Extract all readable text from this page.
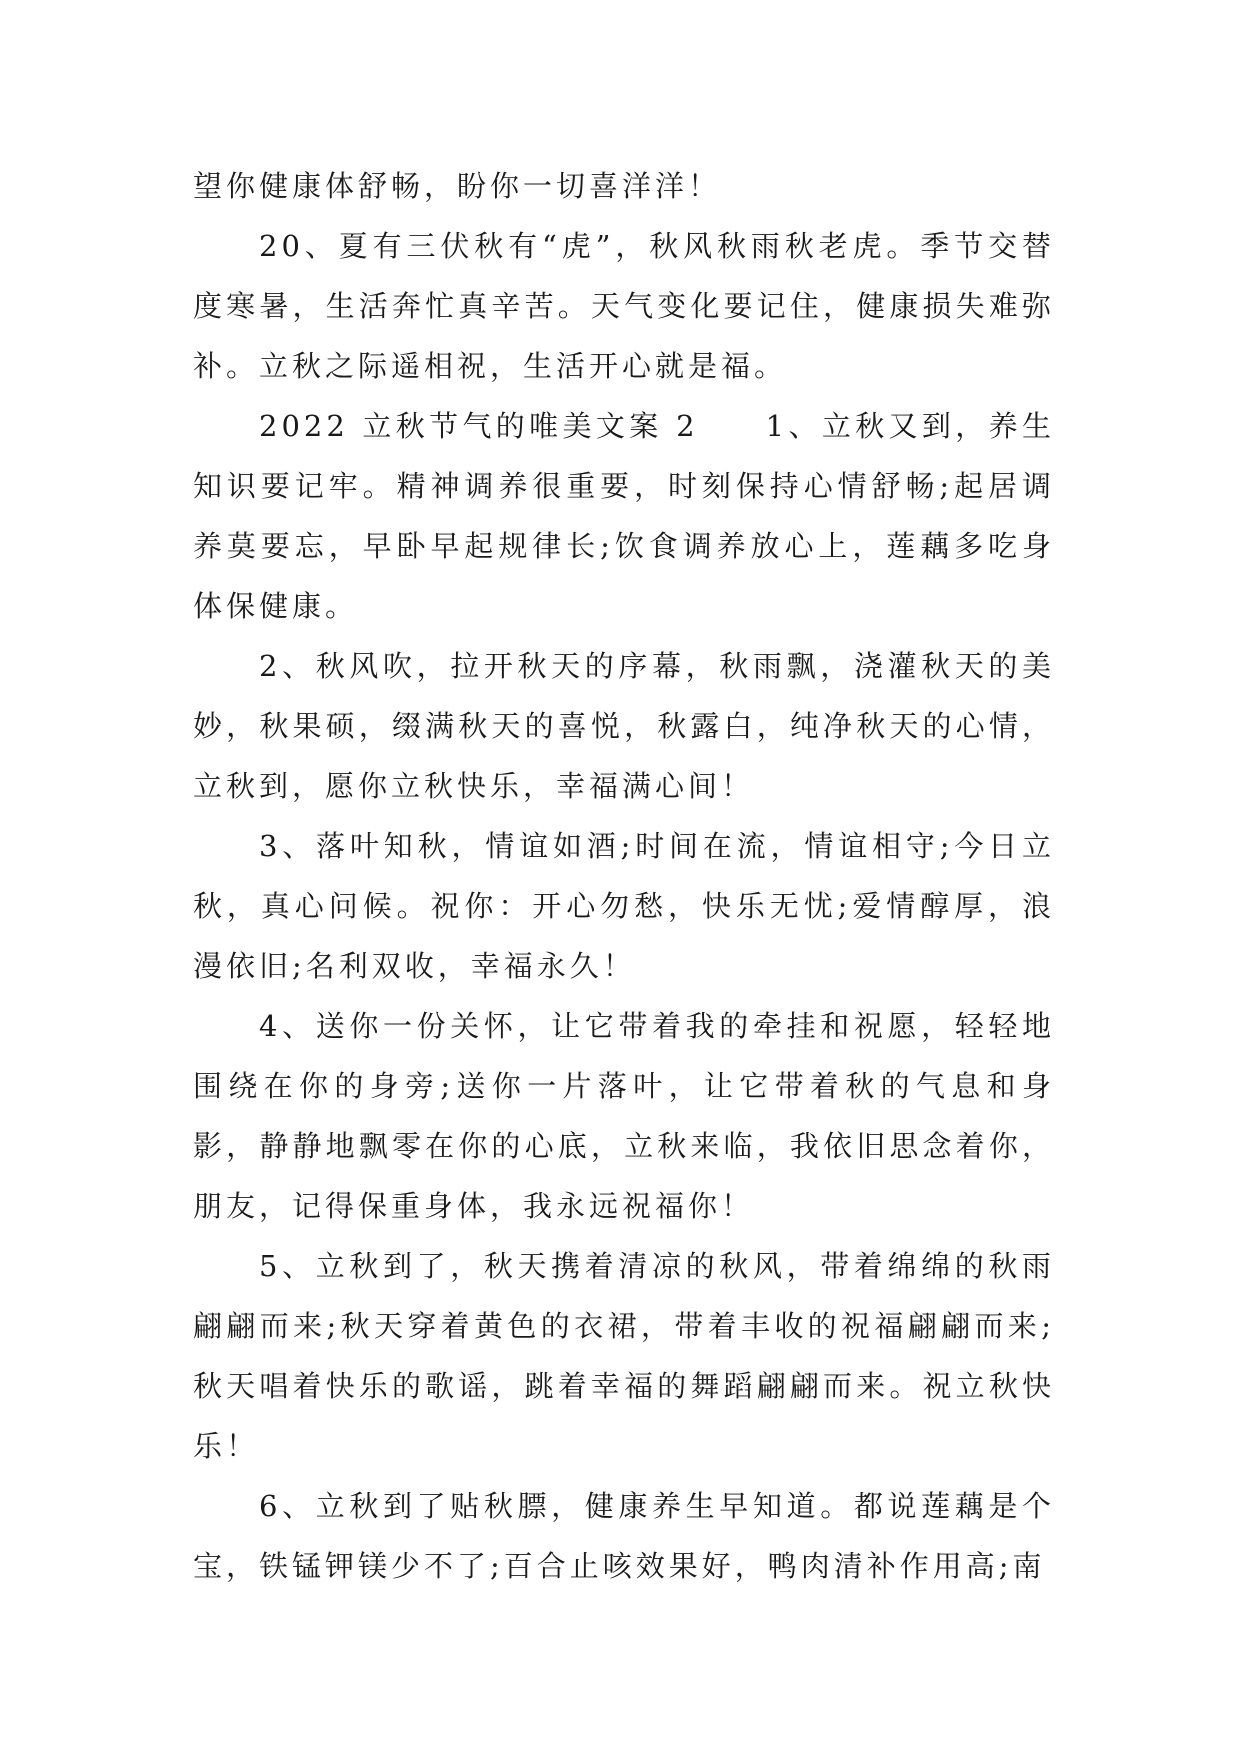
望你健康体舒畅，盼你一切喜洋洋！

20、夏有三伏秋有“虎”，秋风秋雨秋老虎。季节交替度寒暑，生活奔忙真辛苦。天气变化要记住，健康损失难弥补。立秋之际遥相祝，生活开心就是福。

2022 立秋节气的唯美文案 2　　1、立秋又到，养生知识要记牢。精神调养很重要，时刻保持心情舒畅;起居调养莫要忘，早卧早起规律长;饮食调养放心上，莲藕多吃身体保健康。

2、秋风吹，拉开秋天的序幕，秋雨飘，浇灌秋天的美妙，秋果硕，缀满秋天的喜悦，秋露白，纯净秋天的心情，立秋到，愿你立秋快乐，幸福满心间！

3、落叶知秋，情谊如酒;时间在流，情谊相守;今日立秋，真心问候。祝你：开心勿愁，快乐无忧;爱情醇厚，浪漫依旧;名利双收，幸福永久！

4、送你一份关怀，让它带着我的牵挂和祝愿，轻轻地围绕在你的身旁;送你一片落叶，让它带着秋的气息和身影，静静地飘零在你的心底，立秋来临，我依旧思念着你，朋友，记得保重身体，我永远祝福你！

5、立秋到了，秋天携着清凉的秋风，带着绵绵的秋雨翩翩而来;秋天穿着黄色的衣裙，带着丰收的祝福翩翩而来;秋天唱着快乐的歌谣，跳着幸福的舞蹈翩翩而来。祝立秋快乐！

6、立秋到了贴秋膘，健康养生早知道。都说莲藕是个宝，铁锰钾镁少不了;百合止咳效果好，鸭肉清补作用高;南
